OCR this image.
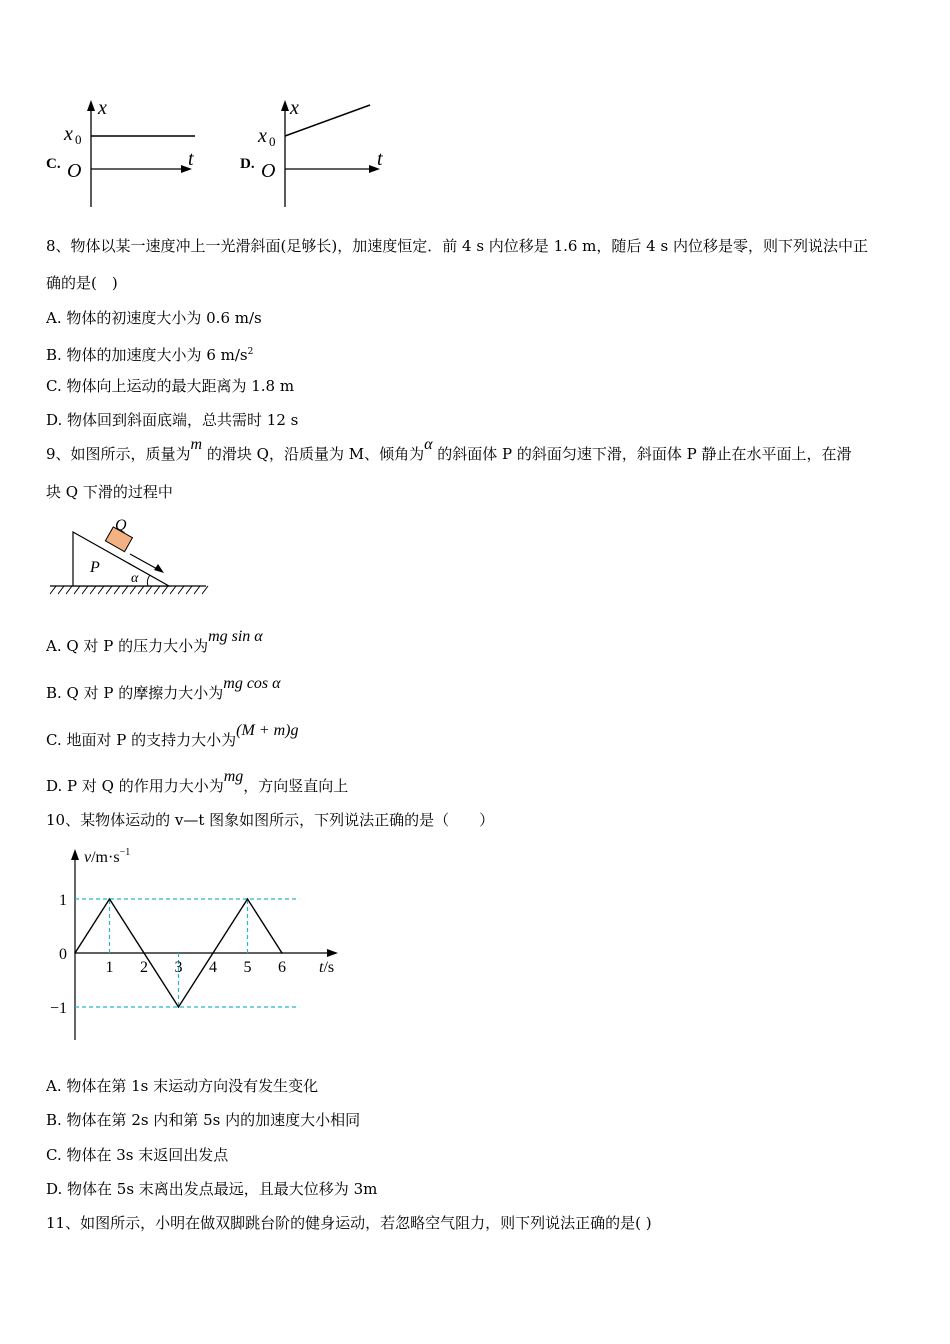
x
t
x 0
O
C.
x
t
x 0
O
D.
8、物体以某一速度冲上一光滑斜面(足够长)，加速度恒定．前 4 s 内位移是 1.6 m，随后 4 s 内位移是零，则下列说法中正
确的是(　)
A. 物体的初速度大小为 0.6 m/s
B. 物体的加速度大小为 6 $m/s^2$
C. 物体向上运动的最大距离为 1.8 m
D. 物体回到斜面底端，总共需时 12 s
9、如图所示，质量为m 的滑块 Q，沿质量为 M、倾角为α 的斜面体 P 的斜面匀速下滑，斜面体 P 静止在水平面上，在滑
块 Q 下滑的过程中
Q
P
α
A. Q 对 P 的压力大小为mg sin α
B. Q 对 P 的摩擦力大小为mg cos α
C. 地面对 P 的支持力大小为(M + m)g
D. P 对 Q 的作用力大小为mg，方向竖直向上
10、某物体运动的 v—t 图象如图所示，下列说法正确的是（　　）
1 2 3 4 5 6
1
0
−1
$v/m\cdot s^{-1}$
t/s
A. 物体在第 1s 末运动方向没有发生变化
B. 物体在第 2s 内和第 5s 内的加速度大小相同
C. 物体在 3s 末返回出发点
D. 物体在 5s 末离出发点最远，且最大位移为 3m
11、如图所示，小明在做双脚跳台阶的健身运动，若忽略空气阻力，则下列说法正确的是( )
